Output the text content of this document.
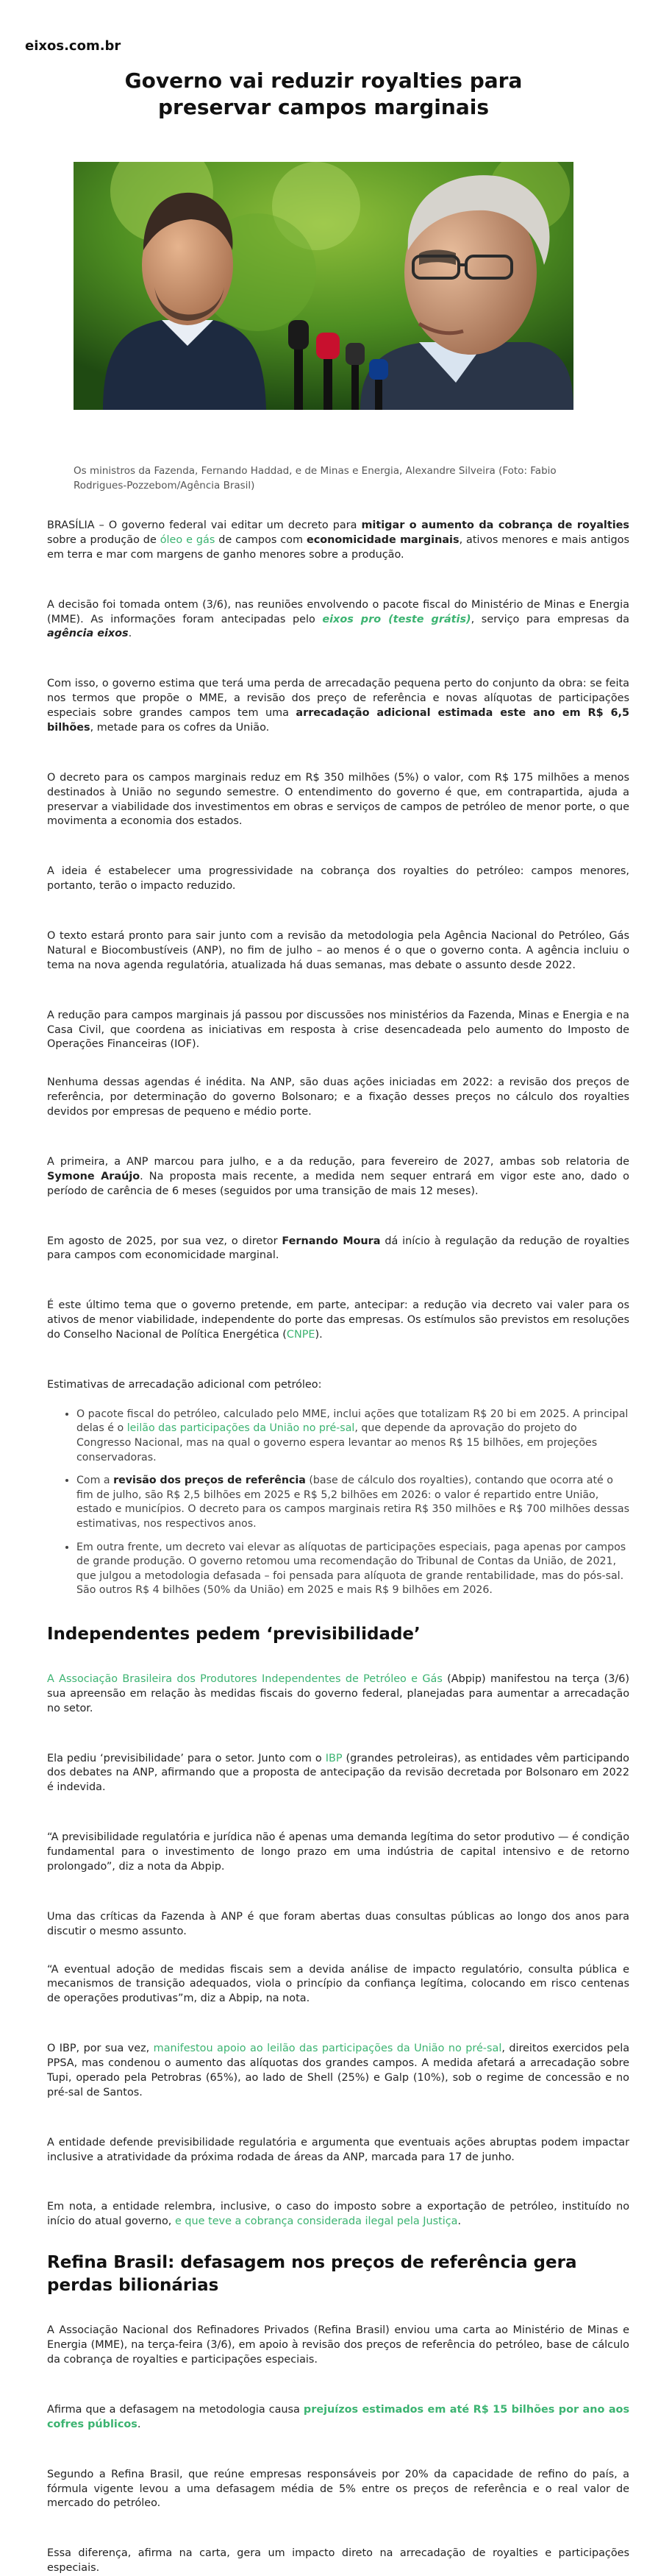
eixos.com.br
Governo vai reduzir royalties para preservar campos marginais

Os ministros da Fazenda, Fernando Haddad, e de Minas e Energia, Alexandre Silveira (Foto: Fabio Rodrigues-Pozzebom/Agência Brasil)

BRASÍLIA – O governo federal vai editar um decreto para mitigar o aumento da cobrança de royalties sobre a produção de óleo e gás de campos com economicidade marginais, ativos menores e mais antigos em terra e mar com margens de ganho menores sobre a produção.

A decisão foi tomada ontem (3/6), nas reuniões envolvendo o pacote fiscal do Ministério de Minas e Energia (MME). As informações foram antecipadas pelo eixos pro (teste grátis), serviço para empresas da agência eixos.

Com isso, o governo estima que terá uma perda de arrecadação pequena perto do conjunto da obra: se feita nos termos que propõe o MME, a revisão dos preço de referência e novas alíquotas de participações especiais sobre grandes campos tem uma arrecadação adicional estimada este ano em R$ 6,5 bilhões, metade para os cofres da União.

O decreto para os campos marginais reduz em R$ 350 milhões (5%) o valor, com R$ 175 milhões a menos destinados à União no segundo semestre. O entendimento do governo é que, em contrapartida, ajuda a preservar a viabilidade dos investimentos em obras e serviços de campos de petróleo de menor porte, o que movimenta a economia dos estados.

A ideia é estabelecer uma progressividade na cobrança dos royalties do petróleo: campos menores, portanto, terão o impacto reduzido.

O texto estará pronto para sair junto com a revisão da metodologia pela Agência Nacional do Petróleo, Gás Natural e Biocombustíveis (ANP), no fim de julho – ao menos é o que o governo conta. A agência incluiu o tema na nova agenda regulatória, atualizada há duas semanas, mas debate o assunto desde 2022.

A redução para campos marginais já passou por discussões nos ministérios da Fazenda, Minas e Energia e na Casa Civil, que coordena as iniciativas em resposta à crise desencadeada pelo aumento do Imposto de Operações Financeiras (IOF).

Nenhuma dessas agendas é inédita. Na ANP, são duas ações iniciadas em 2022: a revisão dos preços de referência, por determinação do governo Bolsonaro; e a fixação desses preços no cálculo dos royalties devidos por empresas de pequeno e médio porte.

A primeira, a ANP marcou para julho, e a da redução, para fevereiro de 2027, ambas sob relatoria de Symone Araújo. Na proposta mais recente, a medida nem sequer entrará em vigor este ano, dado o período de carência de 6 meses (seguidos por uma transição de mais 12 meses).

Em agosto de 2025, por sua vez, o diretor Fernando Moura dá início à regulação da redução de royalties para campos com economicidade marginal.

É este último tema que o governo pretende, em parte, antecipar: a redução via decreto vai valer para os ativos de menor viabilidade, independente do porte das empresas. Os estímulos são previstos em resoluções do Conselho Nacional de Política Energética (CNPE).

Estimativas de arrecadação adicional com petróleo:

• O pacote fiscal do petróleo, calculado pelo MME, inclui ações que totalizam R$ 20 bi em 2025. A principal delas é o leilão das participações da União no pré-sal, que depende da aprovação do projeto do Congresso Nacional, mas na qual o governo espera levantar ao menos R$ 15 bilhões, em projeções conservadoras.
• Com a revisão dos preços de referência (base de cálculo dos royalties), contando que ocorra até o fim de julho, são R$ 2,5 bilhões em 2025 e R$ 5,2 bilhões em 2026: o valor é repartido entre União, estado e municípios. O decreto para os campos marginais retira R$ 350 milhões e R$ 700 milhões dessas estimativas, nos respectivos anos.
• Em outra frente, um decreto vai elevar as alíquotas de participações especiais, paga apenas por campos de grande produção. O governo retomou uma recomendação do Tribunal de Contas da União, de 2021, que julgou a metodologia defasada – foi pensada para alíquota de grande rentabilidade, mas do pós-sal. São outros R$ 4 bilhões (50% da União) em 2025 e mais R$ 9 bilhões em 2026.
Independentes pedem ‘previsibilidade’

A Associação Brasileira dos Produtores Independentes de Petróleo e Gás (Abpip) manifestou na terça (3/6) sua apreensão em relação às medidas fiscais do governo federal, planejadas para aumentar a arrecadação no setor.

Ela pediu ‘previsibilidade’ para o setor. Junto com o IBP (grandes petroleiras), as entidades vêm participando dos debates na ANP, afirmando que a proposta de antecipação da revisão decretada por Bolsonaro em 2022 é indevida.

“A previsibilidade regulatória e jurídica não é apenas uma demanda legítima do setor produtivo — é condição fundamental para o investimento de longo prazo em uma indústria de capital intensivo e de retorno prolongado”, diz a nota da Abpip.

Uma das críticas da Fazenda à ANP é que foram abertas duas consultas públicas ao longo dos anos para discutir o mesmo assunto.

“A eventual adoção de medidas fiscais sem a devida análise de impacto regulatório, consulta pública e mecanismos de transição adequados, viola o princípio da confiança legítima, colocando em risco centenas de operações produtivas”m, diz a Abpip, na nota.

O IBP, por sua vez, manifestou apoio ao leilão das participações da União no pré-sal, direitos exercidos pela PPSA, mas condenou o aumento das alíquotas dos grandes campos. A medida afetará a arrecadação sobre Tupi, operado pela Petrobras (65%), ao lado de Shell (25%) e Galp (10%), sob o regime de concessão e no pré-sal de Santos.

A entidade defende previsibilidade regulatória e argumenta que eventuais ações abruptas podem impactar inclusive a atratividade da próxima rodada de áreas da ANP, marcada para 17 de junho.

Em nota, a entidade relembra, inclusive, o caso do imposto sobre a exportação de petróleo, instituído no início do atual governo, e que teve a cobrança considerada ilegal pela Justiça.

Refina Brasil: defasagem nos preços de referência gera perdas bilionárias

A Associação Nacional dos Refinadores Privados (Refina Brasil) enviou uma carta ao Ministério de Minas e Energia (MME), na terça-feira (3/6), em apoio à revisão dos preços de referência do petróleo, base de cálculo da cobrança de royalties e participações especiais.

Afirma que a defasagem na metodologia causa prejuízos estimados em até R$ 15 bilhões por ano aos cofres públicos.

Segundo a Refina Brasil, que reúne empresas responsáveis por 20% da capacidade de refino do país, a fórmula vigente levou a uma defasagem média de 5% entre os preços de referência e o real valor de mercado do petróleo.

Essa diferença, afirma na carta, gera um impacto direto na arrecadação de royalties e participações especiais.
